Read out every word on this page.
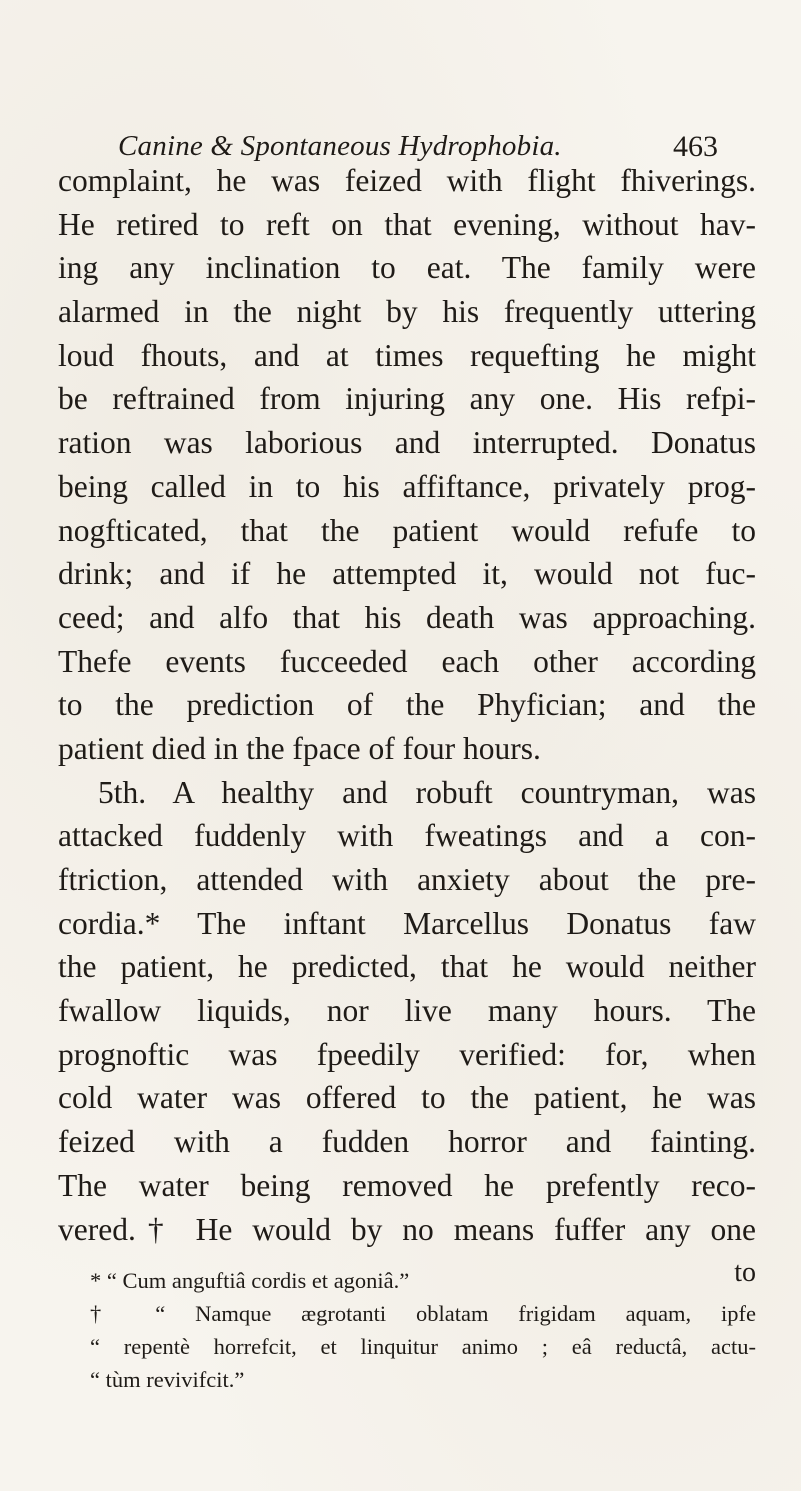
Canine & Spontaneous Hydrophobia.	463
complaint, he was feized with flight fhiverings.
He retired to reft on that evening, without hav-
ing any inclination to eat. The family were
alarmed in the night by his frequently uttering
loud fhouts, and at times requefting he might
be reftrained from injuring any one. His refpi-
ration was laborious and interrupted. Donatus
being called in to his affiftance, privately prog-
nogfticated, that the patient would refufe to
drink; and if he attempted it, would not fuc-
ceed; and alfo that his death was approaching.
Thefe events fucceeded each other according
to the prediction of the Phyfician; and the
patient died in the fpace of four hours.
5th. A healthy and robuft countryman, was
attacked fuddenly with fweatings and a con-
ftriction, attended with anxiety about the pre-
cordia.* The inftant Marcellus Donatus faw
the patient, he predicted, that he would neither
fwallow liquids, nor live many hours. The
prognoftic was fpeedily verified: for, when
cold water was offered to the patient, he was
feized with a fudden horror and fainting.
The water being removed he prefently reco-
vered.† He would by no means fuffer any one
to
* “ Cum anguftiâ cordis et agoniâ.”
† “ Namque ægrotanti oblatam frigidam aquam, ipfe
“ repentè horrefcit, et linquitur animo ; eâ reductâ, actu-
“ tùm revivifcit.”
